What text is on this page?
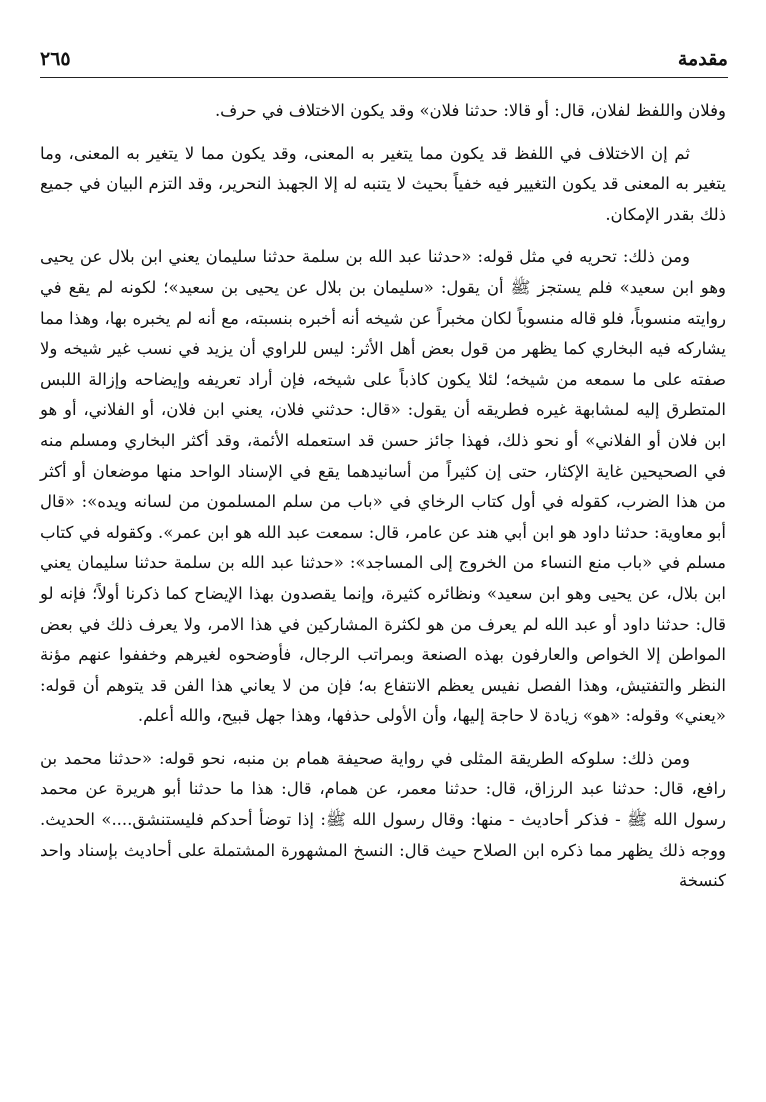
مقدمة
٢٦٥

وفلان واللفظ لفلان، قال: أو قالا: حدثنا فلان» وقد يكون الاختلاف في حرف.

ثم إن الاختلاف في اللفظ قد يكون مما يتغير به المعنى، وقد يكون مما لا يتغير به المعنى، وما يتغير به المعنى قد يكون التغيير فيه خفياً بحيث لا يتنبه له إلا الجهبذ النحرير، وقد التزم البيان في جميع ذلك بقدر الإمكان.

ومن ذلك: تحريه في مثل قوله: «حدثنا عبد الله بن سلمة حدثنا سليمان يعني ابن بلال عن يحيى وهو ابن سعيد» فلم يستجز ﷺ أن يقول: «سليمان بن بلال عن يحيى بن سعيد»؛ لكونه لم يقع في روايته منسوباً، فلو قاله منسوباً لكان مخبراً عن شيخه أنه أخبره بنسبته، مع أنه لم يخبره بها، وهذا مما يشاركه فيه البخاري كما يظهر من قول بعض أهل الأثر: ليس للراوي أن يزيد في نسب غير شيخه ولا صفته على ما سمعه من شيخه؛ لئلا يكون كاذباً على شيخه، فإن أراد تعريفه وإيضاحه وإزالة اللبس المتطرق إليه لمشابهة غيره فطريقه أن يقول: «قال: حدثني فلان، يعني ابن فلان، أو الفلاني، أو هو ابن فلان أو الفلاني» أو نحو ذلك، فهذا جائز حسن قد استعمله الأئمة، وقد أكثر البخاري ومسلم منه في الصحيحين غاية الإكثار، حتى إن كثيراً من أسانيدهما يقع في الإسناد الواحد منها موضعان أو أكثر من هذا الضرب، كقوله في أول كتاب الرخاي في «باب من سلم المسلمون من لسانه ويده»: «قال أبو معاوية: حدثنا داود هو ابن أبي هند عن عامر، قال: سمعت عبد الله هو ابن عمر». وكقوله في كتاب مسلم في «باب منع النساء من الخروج إلى المساجد»: «حدثنا عبد الله بن سلمة حدثنا سليمان يعني ابن بلال، عن يحيى وهو ابن سعيد» ونظائره كثيرة، وإنما يقصدون بهذا الإيضاح كما ذكرنا أولاً؛ فإنه لو قال: حدثنا داود أو عبد الله لم يعرف من هو لكثرة المشاركين في هذا الامر، ولا يعرف ذلك في بعض المواطن إلا الخواص والعارفون بهذه الصنعة وبمراتب الرجال، فأوضحوه لغيرهم وخففوا عنهم مؤنة النظر والتفتيش، وهذا الفصل نفيس يعظم الانتفاع به؛ فإن من لا يعاني هذا الفن قد يتوهم أن قوله: «يعني» وقوله: «هو» زيادة لا حاجة إليها، وأن الأولى حذفها، وهذا جهل قبيح، والله أعلم.

ومن ذلك: سلوكه الطريقة المثلى في رواية صحيفة همام بن منبه، نحو قوله: «حدثنا محمد بن رافع، قال: حدثنا عبد الرزاق، قال: حدثنا معمر، عن همام، قال: هذا ما حدثنا أبو هريرة عن محمد رسول الله ﷺ - فذكر أحاديث - منها: وقال رسول الله ﷺ: إذا توضأ أحدكم فليستنشق....» الحديث. ووجه ذلك يظهر مما ذكره ابن الصلاح حيث قال: النسخ المشهورة المشتملة على أحاديث بإسناد واحد كنسخة
